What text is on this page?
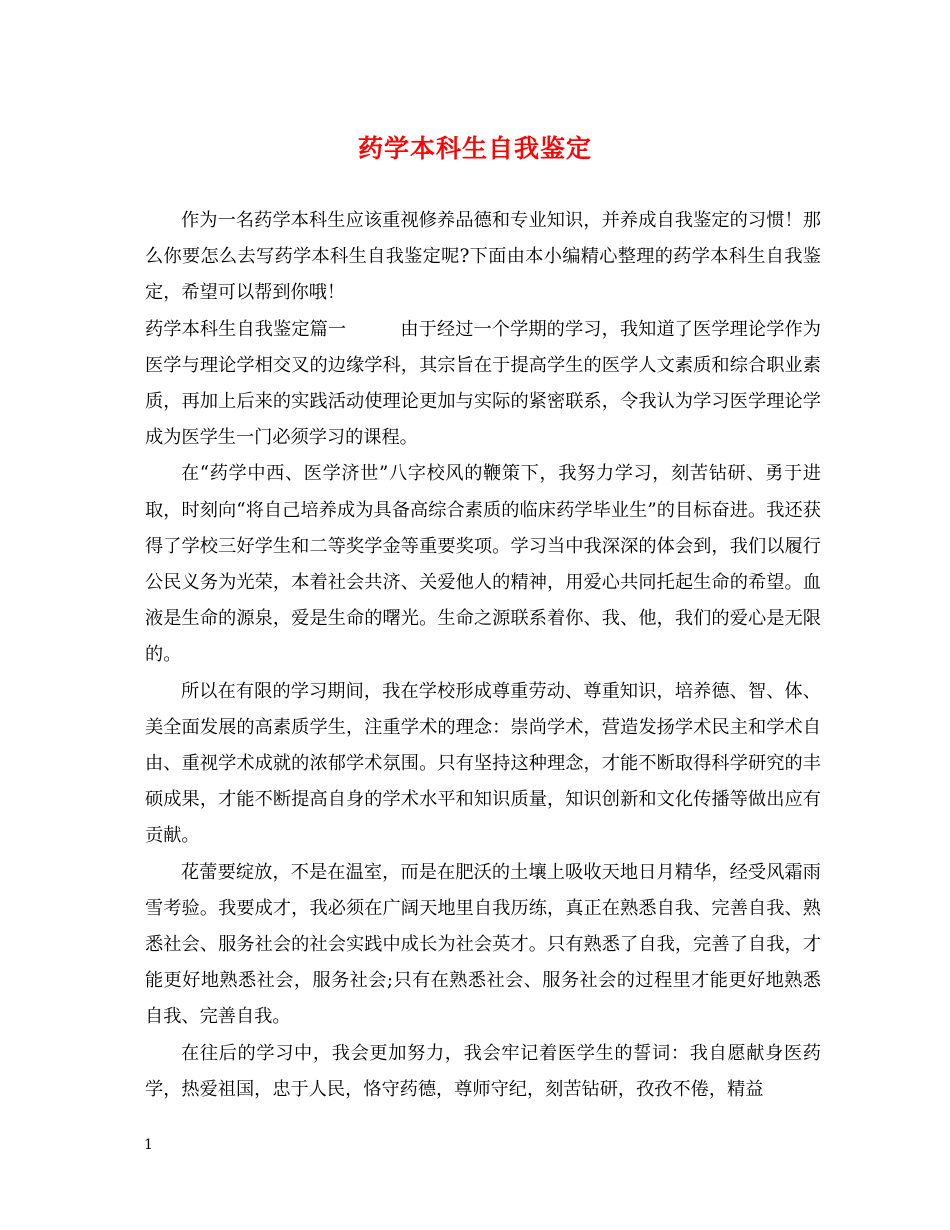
药学本科生自我鉴定

作为一名药学本科生应该重视修养品德和专业知识，并养成自我鉴定的习惯！那么你要怎么去写药学本科生自我鉴定呢?下面由本小编精心整理的药学本科生自我鉴定，希望可以帮到你哦！

药学本科生自我鉴定篇一	由于经过一个学期的学习，我知道了医学理论学作为医学与理论学相交叉的边缘学科，其宗旨在于提高学生的医学人文素质和综合职业素质，再加上后来的实践活动使理论更加与实际的紧密联系，令我认为学习医学理论学成为医学生一门必须学习的课程。

在“药学中西、医学济世”八字校风的鞭策下，我努力学习，刻苦钻研、勇于进取，时刻向“将自己培养成为具备高综合素质的临床药学毕业生”的目标奋进。我还获得了学校三好学生和二等奖学金等重要奖项。学习当中我深深的体会到，我们以履行公民义务为光荣，本着社会共济、关爱他人的精神，用爱心共同托起生命的希望。血液是生命的源泉，爱是生命的曙光。生命之源联系着你、我、他，我们的爱心是无限的。

所以在有限的学习期间，我在学校形成尊重劳动、尊重知识，培养德、智、体、美全面发展的高素质学生，注重学术的理念：崇尚学术，营造发扬学术民主和学术自由、重视学术成就的浓郁学术氛围。只有坚持这种理念，才能不断取得科学研究的丰硕成果，才能不断提高自身的学术水平和知识质量，知识创新和文化传播等做出应有贡献。

花蕾要绽放，不是在温室，而是在肥沃的土壤上吸收天地日月精华，经受风霜雨雪考验。我要成才，我必须在广阔天地里自我历练，真正在熟悉自我、完善自我、熟悉社会、服务社会的社会实践中成长为社会英才。只有熟悉了自我，完善了自我，才能更好地熟悉社会，服务社会;只有在熟悉社会、服务社会的过程里才能更好地熟悉自我、完善自我。

在往后的学习中，我会更加努力，我会牢记着医学生的誓词：我自愿献身医药学，热爱祖国，忠于人民，恪守药德，尊师守纪，刻苦钻研，孜孜不倦，精益

1
